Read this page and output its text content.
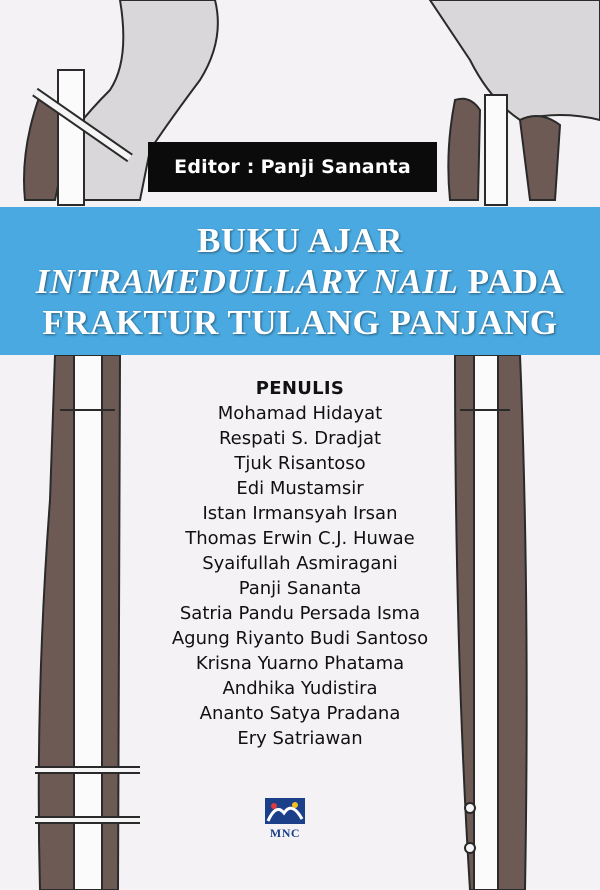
Editor : Panji Sananta
BUKU AJAR
INTRAMEDULLARY NAIL PADA
FRAKTUR TULANG PANJANG
PENULIS
Mohamad Hidayat
Respati S. Dradjat
Tjuk Risantoso
Edi Mustamsir
Istan Irmansyah Irsan
Thomas Erwin C.J. Huwae
Syaifullah Asmiragani
Panji Sananta
Satria Pandu Persada Isma
Agung Riyanto Budi Santoso
Krisna Yuarno Phatama
Andhika Yudistira
Ananto Satya Pradana
Ery Satriawan
MNC
